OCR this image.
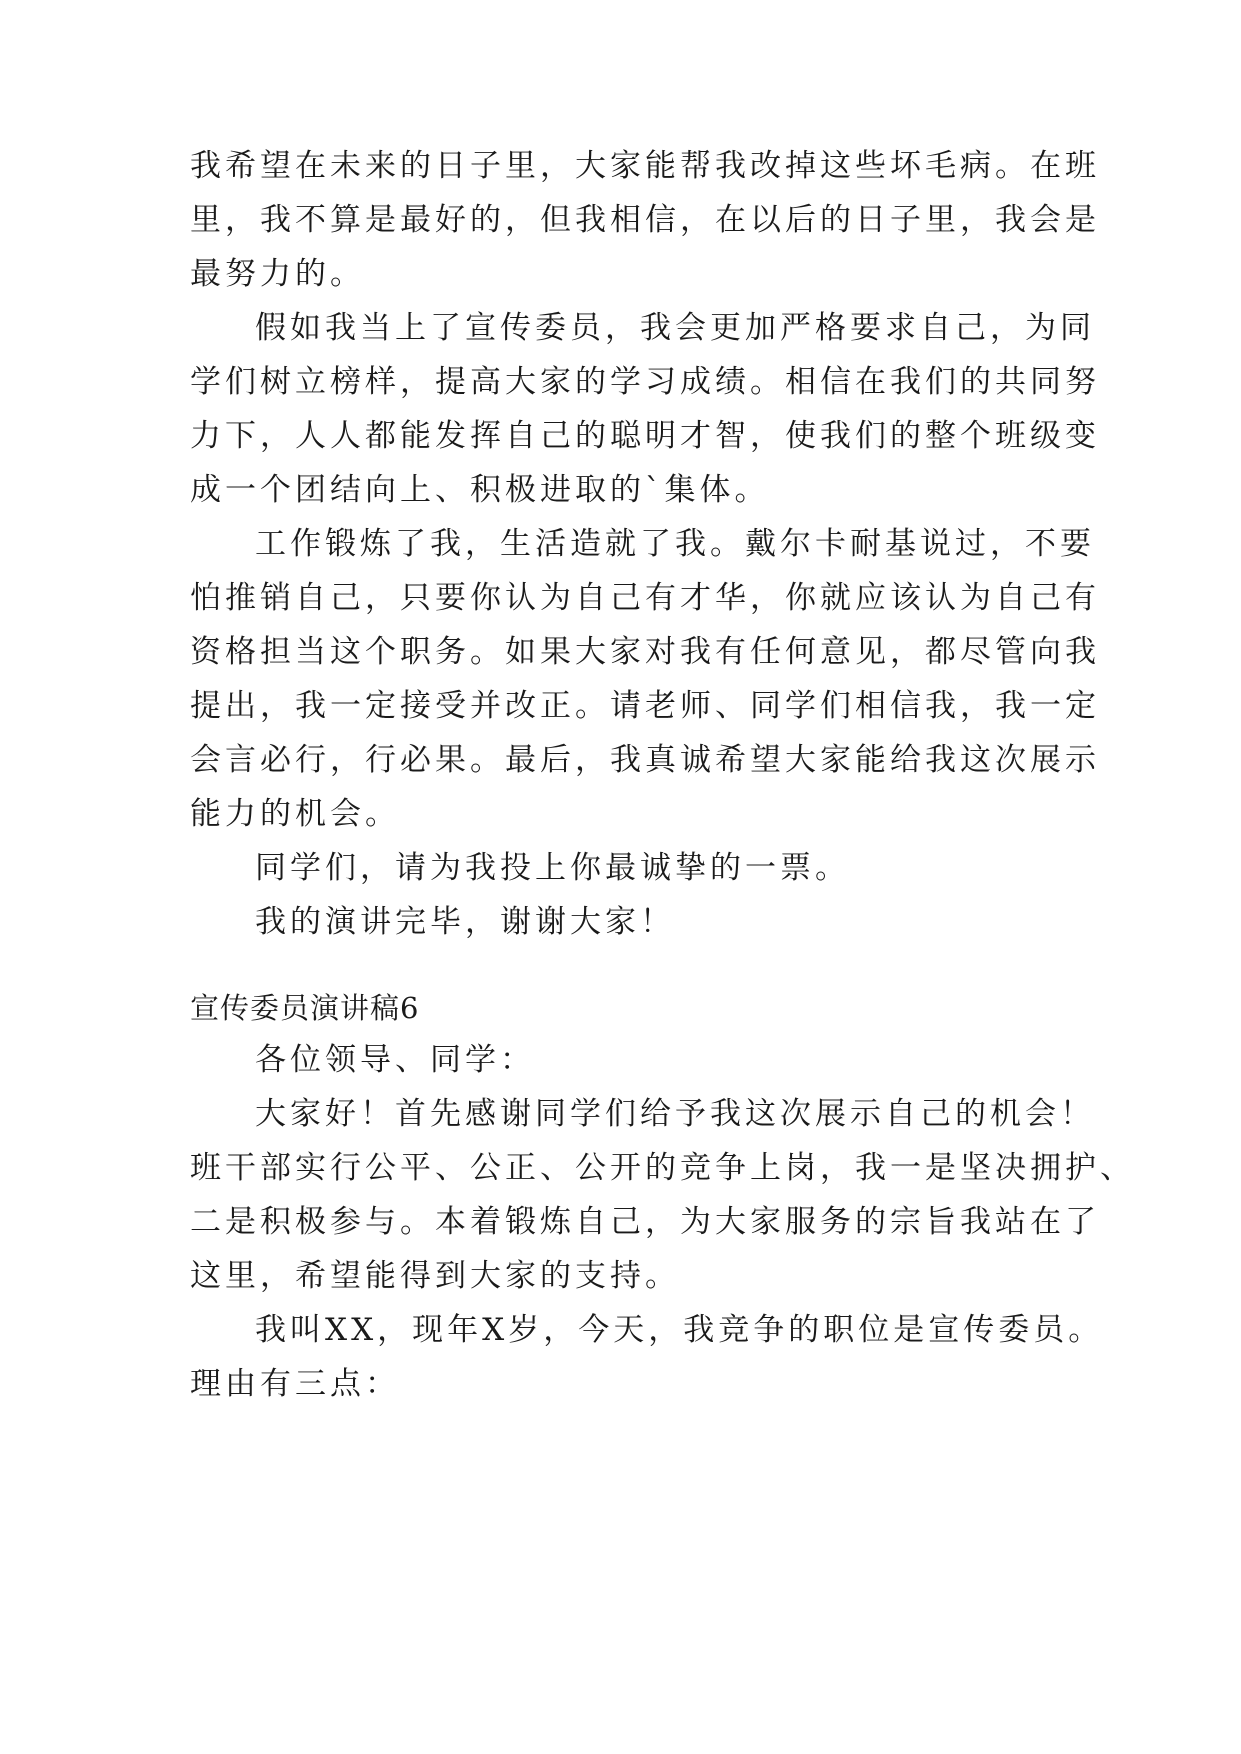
我希望在未来的日子里，大家能帮我改掉这些坏毛病。在班
里，我不算是最好的，但我相信，在以后的日子里，我会是
最努力的。
假如我当上了宣传委员，我会更加严格要求自己，为同
学们树立榜样，提高大家的学习成绩。相信在我们的共同努
力下，人人都能发挥自己的聪明才智，使我们的整个班级变
成一个团结向上、积极进取的`集体。
工作锻炼了我，生活造就了我。戴尔卡耐基说过，不要
怕推销自己，只要你认为自己有才华，你就应该认为自己有
资格担当这个职务。如果大家对我有任何意见，都尽管向我
提出，我一定接受并改正。请老师、同学们相信我，我一定
会言必行，行必果。最后，我真诚希望大家能给我这次展示
能力的机会。
同学们，请为我投上你最诚挚的一票。
我的演讲完毕，谢谢大家！
宣传委员演讲稿6
各位领导、同学：
大家好！首先感谢同学们给予我这次展示自己的机会！
班干部实行公平、公正、公开的竞争上岗，我一是坚决拥护、
二是积极参与。本着锻炼自己，为大家服务的宗旨我站在了
这里，希望能得到大家的支持。
我叫XX，现年X岁，今天，我竞争的职位是宣传委员。
理由有三点：
